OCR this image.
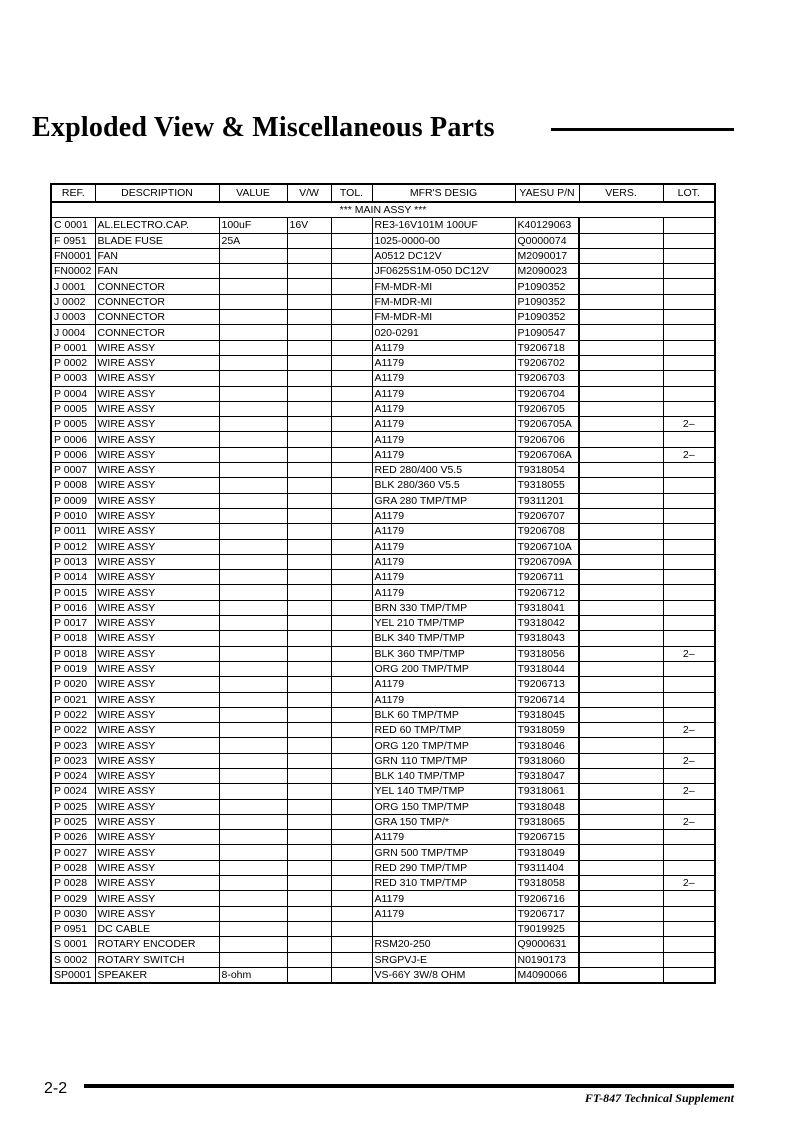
Exploded View & Miscellaneous Parts
REF.	DESCRIPTION	VALUE	V/W	TOL.	MFR'S DESIG	YAESU P/N	VERS.	LOT.
*** MAIN ASSY ***								
C 0001	AL.ELECTRO.CAP.	100uF	16V		RE3-16V101M 100UF	K40129063		
F 0951	BLADE FUSE	25A			1025-0000-00	Q0000074		
FN0001	FAN				A0512 DC12V	M2090017		
FN0002	FAN				JF0625S1M-050 DC12V	M2090023		
J 0001	CONNECTOR				FM-MDR-MI	P1090352		
J 0002	CONNECTOR				FM-MDR-MI	P1090352		
J 0003	CONNECTOR				FM-MDR-MI	P1090352		
J 0004	CONNECTOR				020-0291	P1090547		
P 0001	WIRE ASSY				A1179	T9206718		
P 0002	WIRE ASSY				A1179	T9206702		
P 0003	WIRE ASSY				A1179	T9206703		
P 0004	WIRE ASSY				A1179	T9206704		
P 0005	WIRE ASSY				A1179	T9206705		
P 0005	WIRE ASSY				A1179	T9206705A		2–
P 0006	WIRE ASSY				A1179	T9206706		
P 0006	WIRE ASSY				A1179	T9206706A		2–
P 0007	WIRE ASSY				RED 280/400 V5.5	T9318054		
P 0008	WIRE ASSY				BLK 280/360 V5.5	T9318055		
P 0009	WIRE ASSY				GRA 280 TMP/TMP	T9311201		
P 0010	WIRE ASSY				A1179	T9206707		
P 0011	WIRE ASSY				A1179	T9206708		
P 0012	WIRE ASSY				A1179	T9206710A		
P 0013	WIRE ASSY				A1179	T9206709A		
P 0014	WIRE ASSY				A1179	T9206711		
P 0015	WIRE ASSY				A1179	T9206712		
P 0016	WIRE ASSY				BRN 330 TMP/TMP	T9318041		
P 0017	WIRE ASSY				YEL 210 TMP/TMP	T9318042		
P 0018	WIRE ASSY				BLK 340 TMP/TMP	T9318043		
P 0018	WIRE ASSY				BLK 360 TMP/TMP	T9318056		2–
P 0019	WIRE ASSY				ORG 200 TMP/TMP	T9318044		
P 0020	WIRE ASSY				A1179	T9206713		
P 0021	WIRE ASSY				A1179	T9206714		
P 0022	WIRE ASSY				BLK 60 TMP/TMP	T9318045		
P 0022	WIRE ASSY				RED 60 TMP/TMP	T9318059		2–
P 0023	WIRE ASSY				ORG 120 TMP/TMP	T9318046		
P 0023	WIRE ASSY				GRN 110 TMP/TMP	T9318060		2–
P 0024	WIRE ASSY				BLK 140 TMP/TMP	T9318047		
P 0024	WIRE ASSY				YEL 140 TMP/TMP	T9318061		2–
P 0025	WIRE ASSY				ORG 150 TMP/TMP	T9318048		
P 0025	WIRE ASSY				GRA 150 TMP/*	T9318065		2–
P 0026	WIRE ASSY				A1179	T9206715		
P 0027	WIRE ASSY				GRN 500 TMP/TMP	T9318049		
P 0028	WIRE ASSY				RED 290 TMP/TMP	T9311404		
P 0028	WIRE ASSY				RED 310 TMP/TMP	T9318058		2–
P 0029	WIRE ASSY				A1179	T9206716		
P 0030	WIRE ASSY				A1179	T9206717		
P 0951	DC CABLE					T9019925		
S 0001	ROTARY ENCODER				RSM20-250	Q9000631		
S 0002	ROTARY SWITCH				SRGPVJ-E	N0190173		
SP0001	SPEAKER	8-ohm			VS-66Y 3W/8 OHM	M4090066		
2-2
FT-847 Technical Supplement
